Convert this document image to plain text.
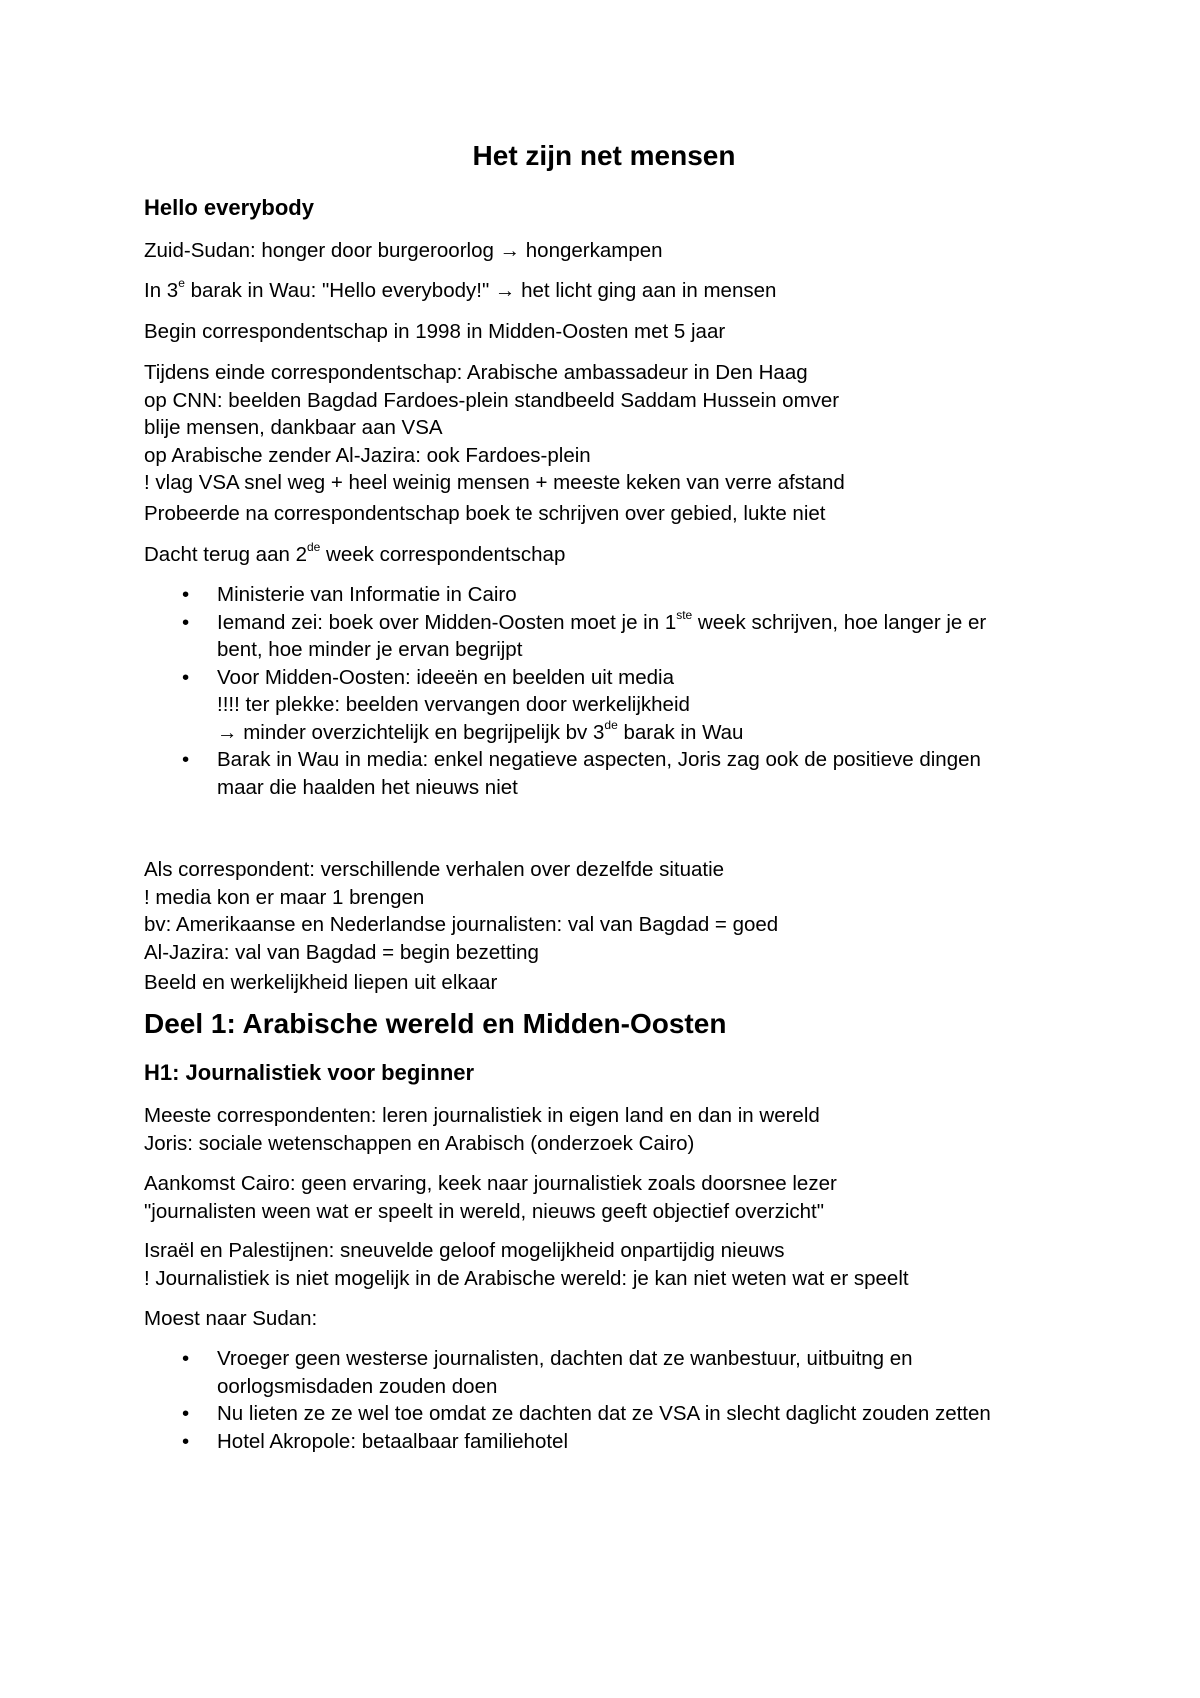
Het zijn net mensen
Hello everybody

Zuid-Sudan: honger door burgeroorlog → hongerkampen

In 3e barak in Wau: "Hello everybody!" → het licht ging aan in mensen

Begin correspondentschap in 1998 in Midden-Oosten met 5 jaar

Tijdens einde correspondentschap: Arabische ambassadeur in Den Haag
op CNN: beelden Bagdad Fardoes-plein standbeeld Saddam Hussein omver
blije mensen, dankbaar aan VSA
op Arabische zender Al-Jazira: ook Fardoes-plein
! vlag VSA snel weg + heel weinig mensen + meeste keken van verre afstand

Probeerde na correspondentschap boek te schrijven over gebied, lukte niet

Dacht terug aan 2de week correspondentschap

• Ministerie van Informatie in Cairo
• Iemand zei: boek over Midden-Oosten moet je in 1ste week schrijven, hoe langer je er
bent, hoe minder je ervan begrijpt
• Voor Midden-Oosten: ideeën en beelden uit media
!!!! ter plekke: beelden vervangen door werkelijkheid
→ minder overzichtelijk en begrijpelijk bv 3de barak in Wau
• Barak in Wau in media: enkel negatieve aspecten, Joris zag ook de positieve dingen
maar die haalden het nieuws niet
Als correspondent: verschillende verhalen over dezelfde situatie
! media kon er maar 1 brengen
bv: Amerikaanse en Nederlandse journalisten: val van Bagdad = goed
Al-Jazira: val van Bagdad = begin bezetting

Beeld en werkelijkheid liepen uit elkaar

Deel 1: Arabische wereld en Midden-Oosten
H1: Journalistiek voor beginner
Meeste correspondenten: leren journalistiek in eigen land en dan in wereld
Joris: sociale wetenschappen en Arabisch (onderzoek Cairo)
Aankomst Cairo: geen ervaring, keek naar journalistiek zoals doorsnee lezer
"journalisten ween wat er speelt in wereld, nieuws geeft objectief overzicht"
Israël en Palestijnen: sneuvelde geloof mogelijkheid onpartijdig nieuws
! Journalistiek is niet mogelijk in de Arabische wereld: je kan niet weten wat er speelt

Moest naar Sudan:

• Vroeger geen westerse journalisten, dachten dat ze wanbestuur, uitbuitng en
oorlogsmisdaden zouden doen
• Nu lieten ze ze wel toe omdat ze dachten dat ze VSA in slecht daglicht zouden zetten
• Hotel Akropole: betaalbaar familiehotel
